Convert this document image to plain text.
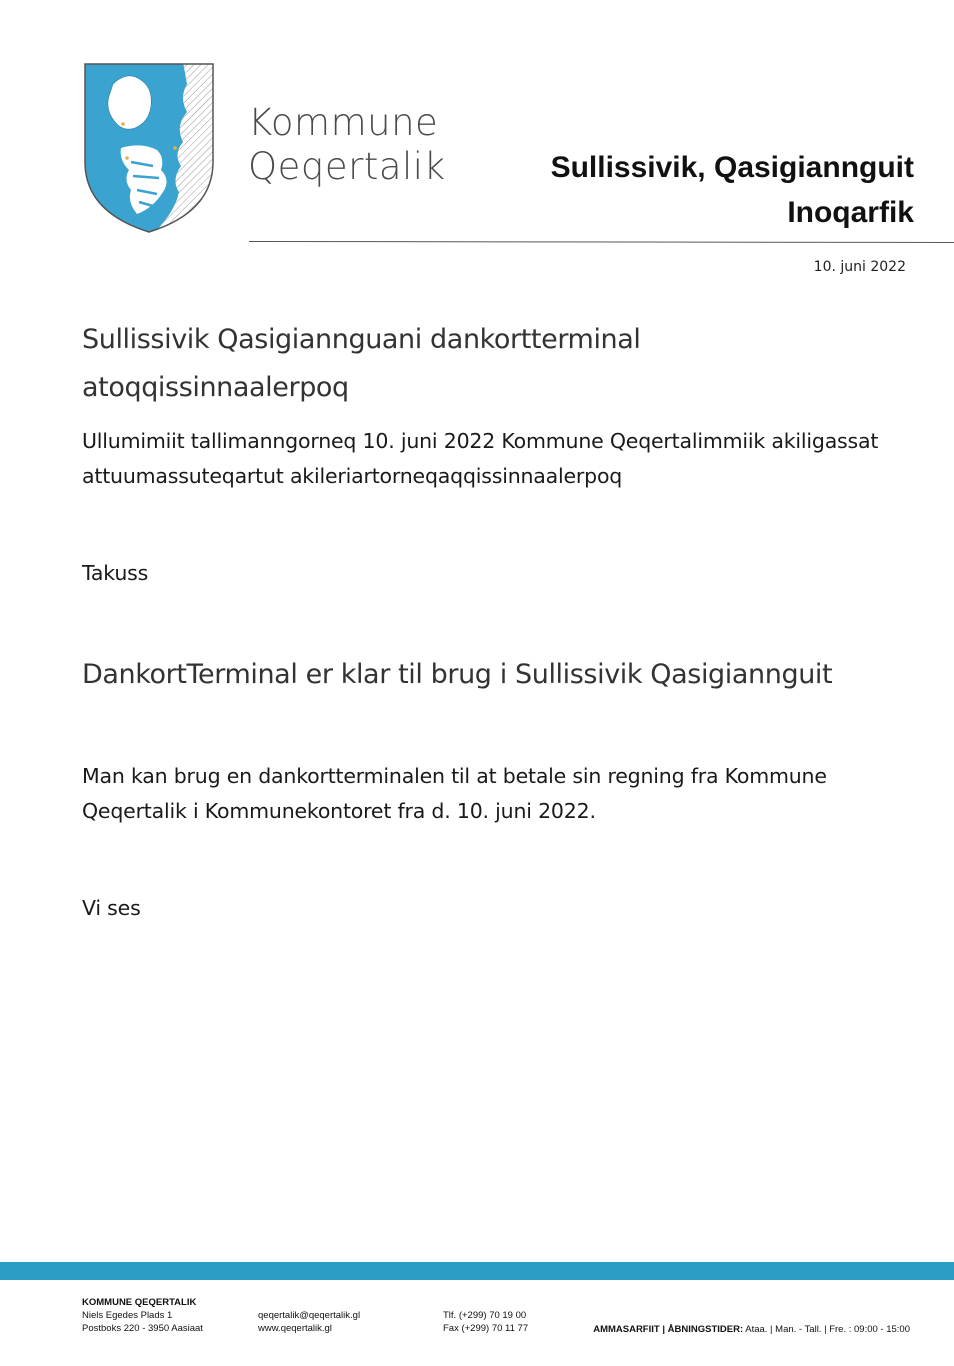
Kommune
Qeqertalik	Sullissivik, Qasigiannguit
Inoqarfik
10. juni 2022
Sullissivik Qasigiannguani dankortterminal atoqqissinnaalerpoq
Ullumimiit tallimanngorneq 10. juni 2022 Kommune Qeqertalimmiik akiligassat attuumassuteqartut akileriartorneqaqqissinnaalerpoq
Takuss
DankortTerminal er klar til brug i Sullissivik Qasigiannguit
Man kan brug en dankortterminalen til at betale sin regning fra Kommune Qeqertalik i Kommunekontoret fra d. 10. juni 2022.
Vi ses
KOMMUNE QEQERTALIK
Niels Egedes Plads 1
Postboks 220 - 3950 Aasiaat
qeqertalik@qeqertalik.gl
www.qeqertalik.gl
Tlf. (+299) 70 19 00
Fax (+299) 70 11 77	AMMASARFIIT | ÅBNINGSTIDER: Ataa. | Man. - Tall. | Fre. : 09:00 - 15:00
